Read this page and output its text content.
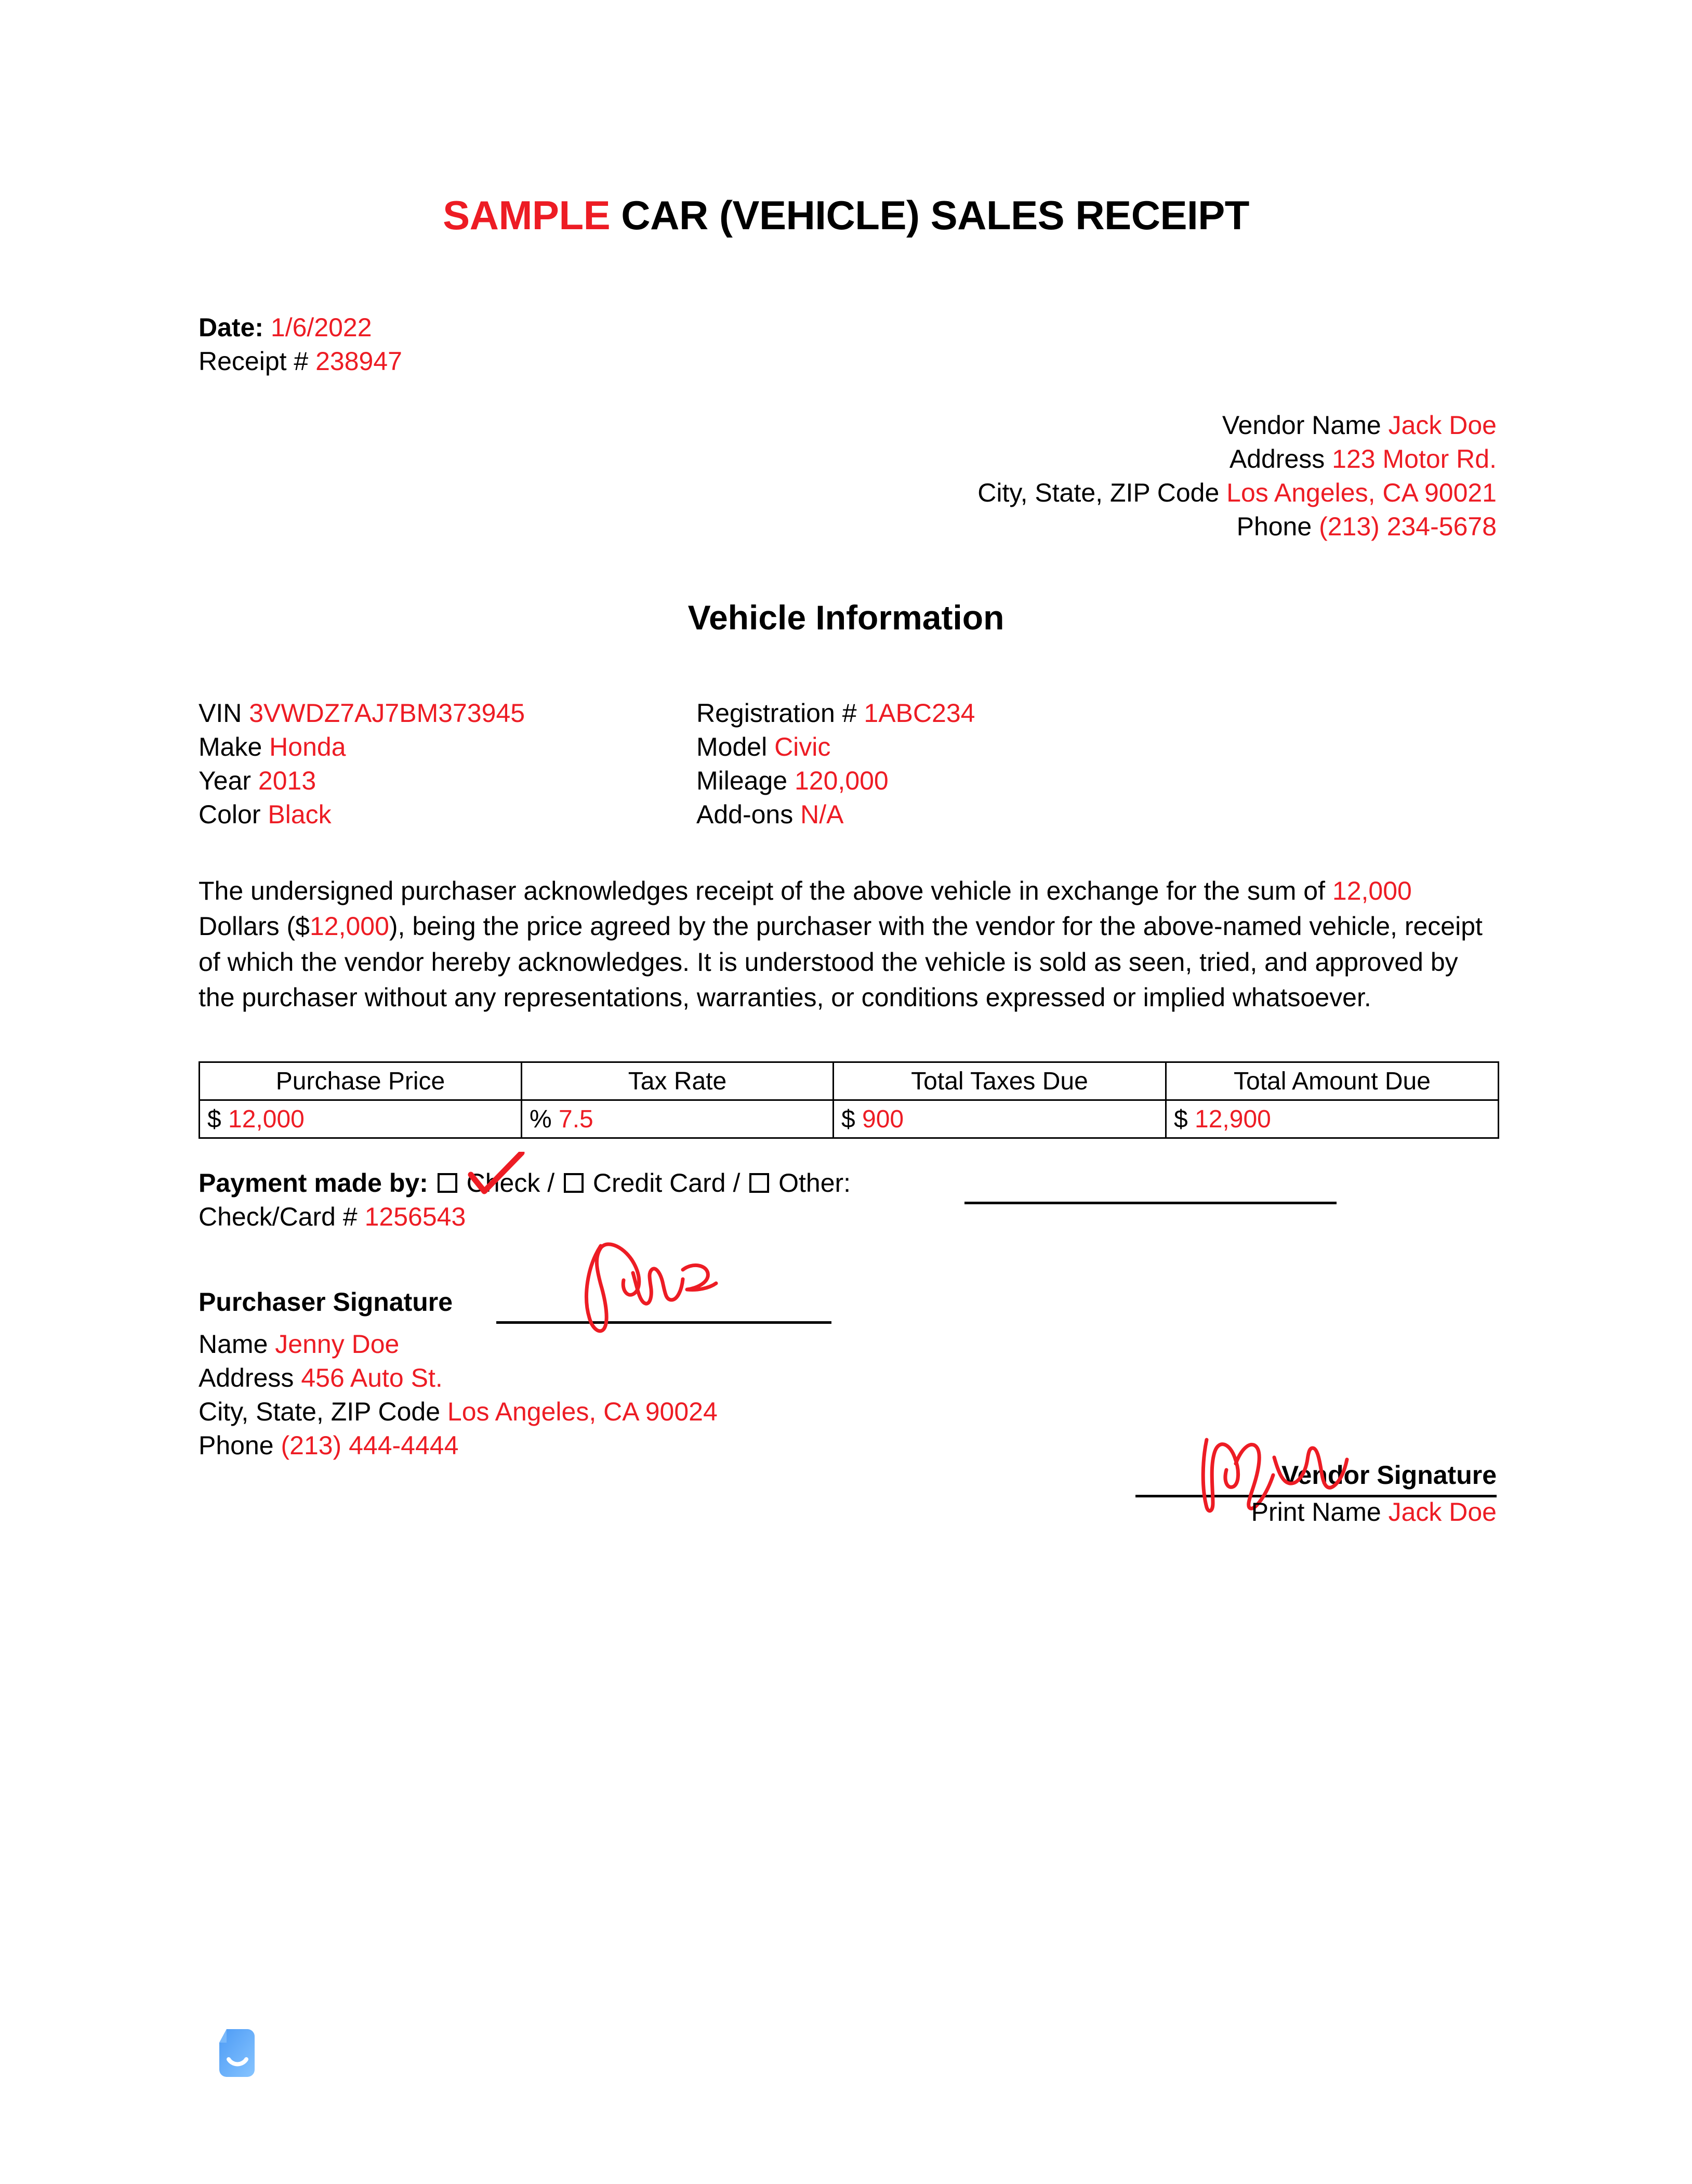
SAMPLE CAR (VEHICLE) SALES RECEIPT
Date: 1/6/2022
Receipt # 238947
Vendor Name Jack Doe
Address 123 Motor Rd.
City, State, ZIP Code Los Angeles, CA 90021
Phone (213) 234-5678
Vehicle Information
VIN 3VWDZ7AJ7BM373945	Registration # 1ABC234
Make Honda	Model Civic
Year 2013	Mileage 120,000
Color Black	Add-ons N/A
The undersigned purchaser acknowledges receipt of the above vehicle in exchange for the sum of 12,000 Dollars ($12,000), being the price agreed by the purchaser with the vendor for the above-named vehicle, receipt of which the vendor hereby acknowledges. It is understood the vehicle is sold as seen, tried, and approved by the purchaser without any representations, warranties, or conditions expressed or implied whatsoever.
Purchase Price	Tax Rate	Total Taxes Due	Total Amount Due
$ 12,000	% 7.5	$ 900	$ 12,900
Payment made by:  Check /  Credit Card /  Other:
Check/Card # 1256543
Purchaser Signature
Name Jenny Doe
Address 456 Auto St.
City, State, ZIP Code Los Angeles, CA 90024
Phone (213) 444-4444
Vendor Signature
Print Name Jack Doe
